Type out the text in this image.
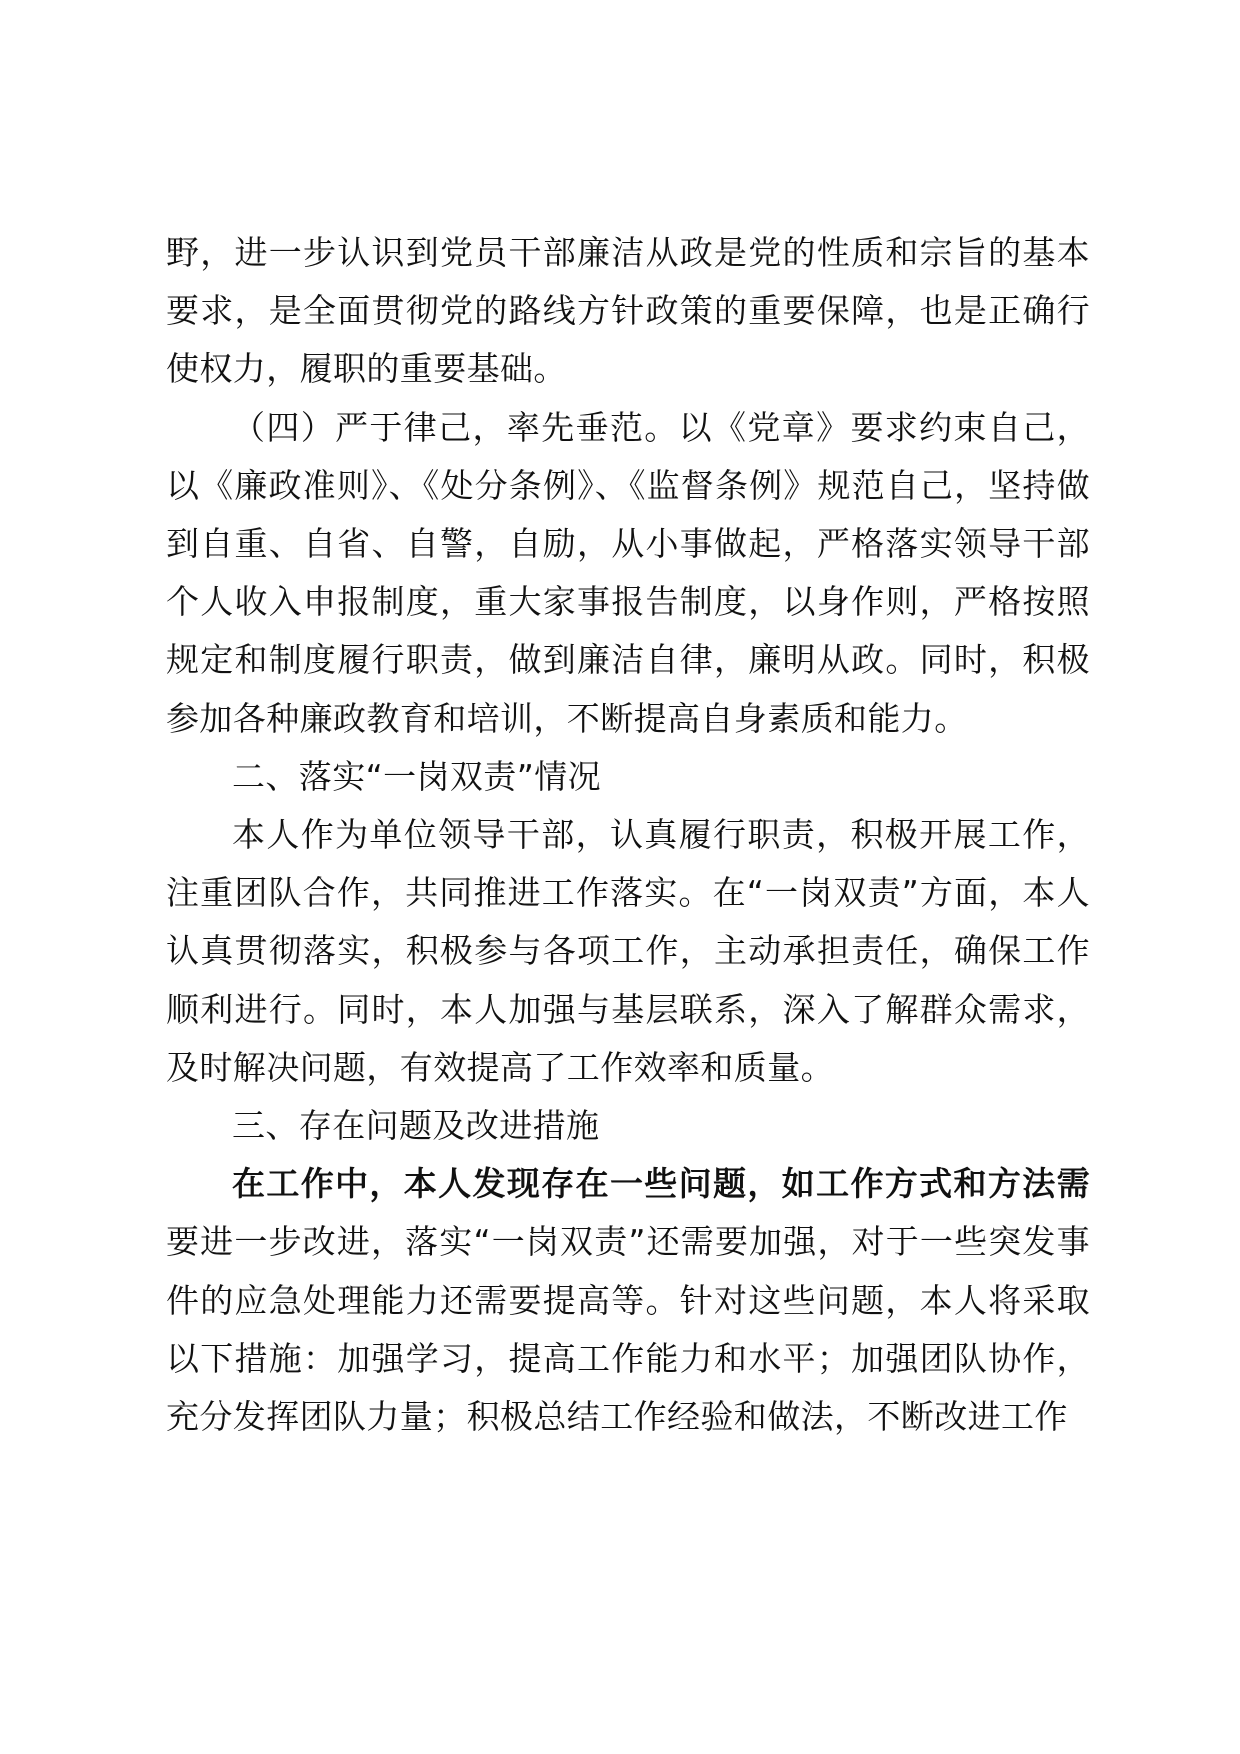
野，进一步认识到党员干部廉洁从政是党的性质和宗旨的基本要求，是全面贯彻党的路线方针政策的重要保障，也是正确行使权力，履职的重要基础。

（四）严于律己，率先垂范。以《党章》要求约束自己，以《廉政准则》、《处分条例》、《监督条例》规范自己，坚持做到自重、自省、自警，自励，从小事做起，严格落实领导干部个人收入申报制度，重大家事报告制度，以身作则，严格按照规定和制度履行职责，做到廉洁自律，廉明从政。同时，积极参加各种廉政教育和培训，不断提高自身素质和能力。

二、落实“一岗双责”情况

本人作为单位领导干部，认真履行职责，积极开展工作，注重团队合作，共同推进工作落实。在“一岗双责”方面，本人认真贯彻落实，积极参与各项工作，主动承担责任，确保工作顺利进行。同时，本人加强与基层联系，深入了解群众需求，及时解决问题，有效提高了工作效率和质量。

三、存在问题及改进措施

在工作中，本人发现存在一些问题，如工作方式和方法需要进一步改进，落实“一岗双责”还需要加强，对于一些突发事件的应急处理能力还需要提高等。针对这些问题，本人将采取以下措施：加强学习，提高工作能力和水平；加强团队协作，充分发挥团队力量；积极总结工作经验和做法，不断改进工作
